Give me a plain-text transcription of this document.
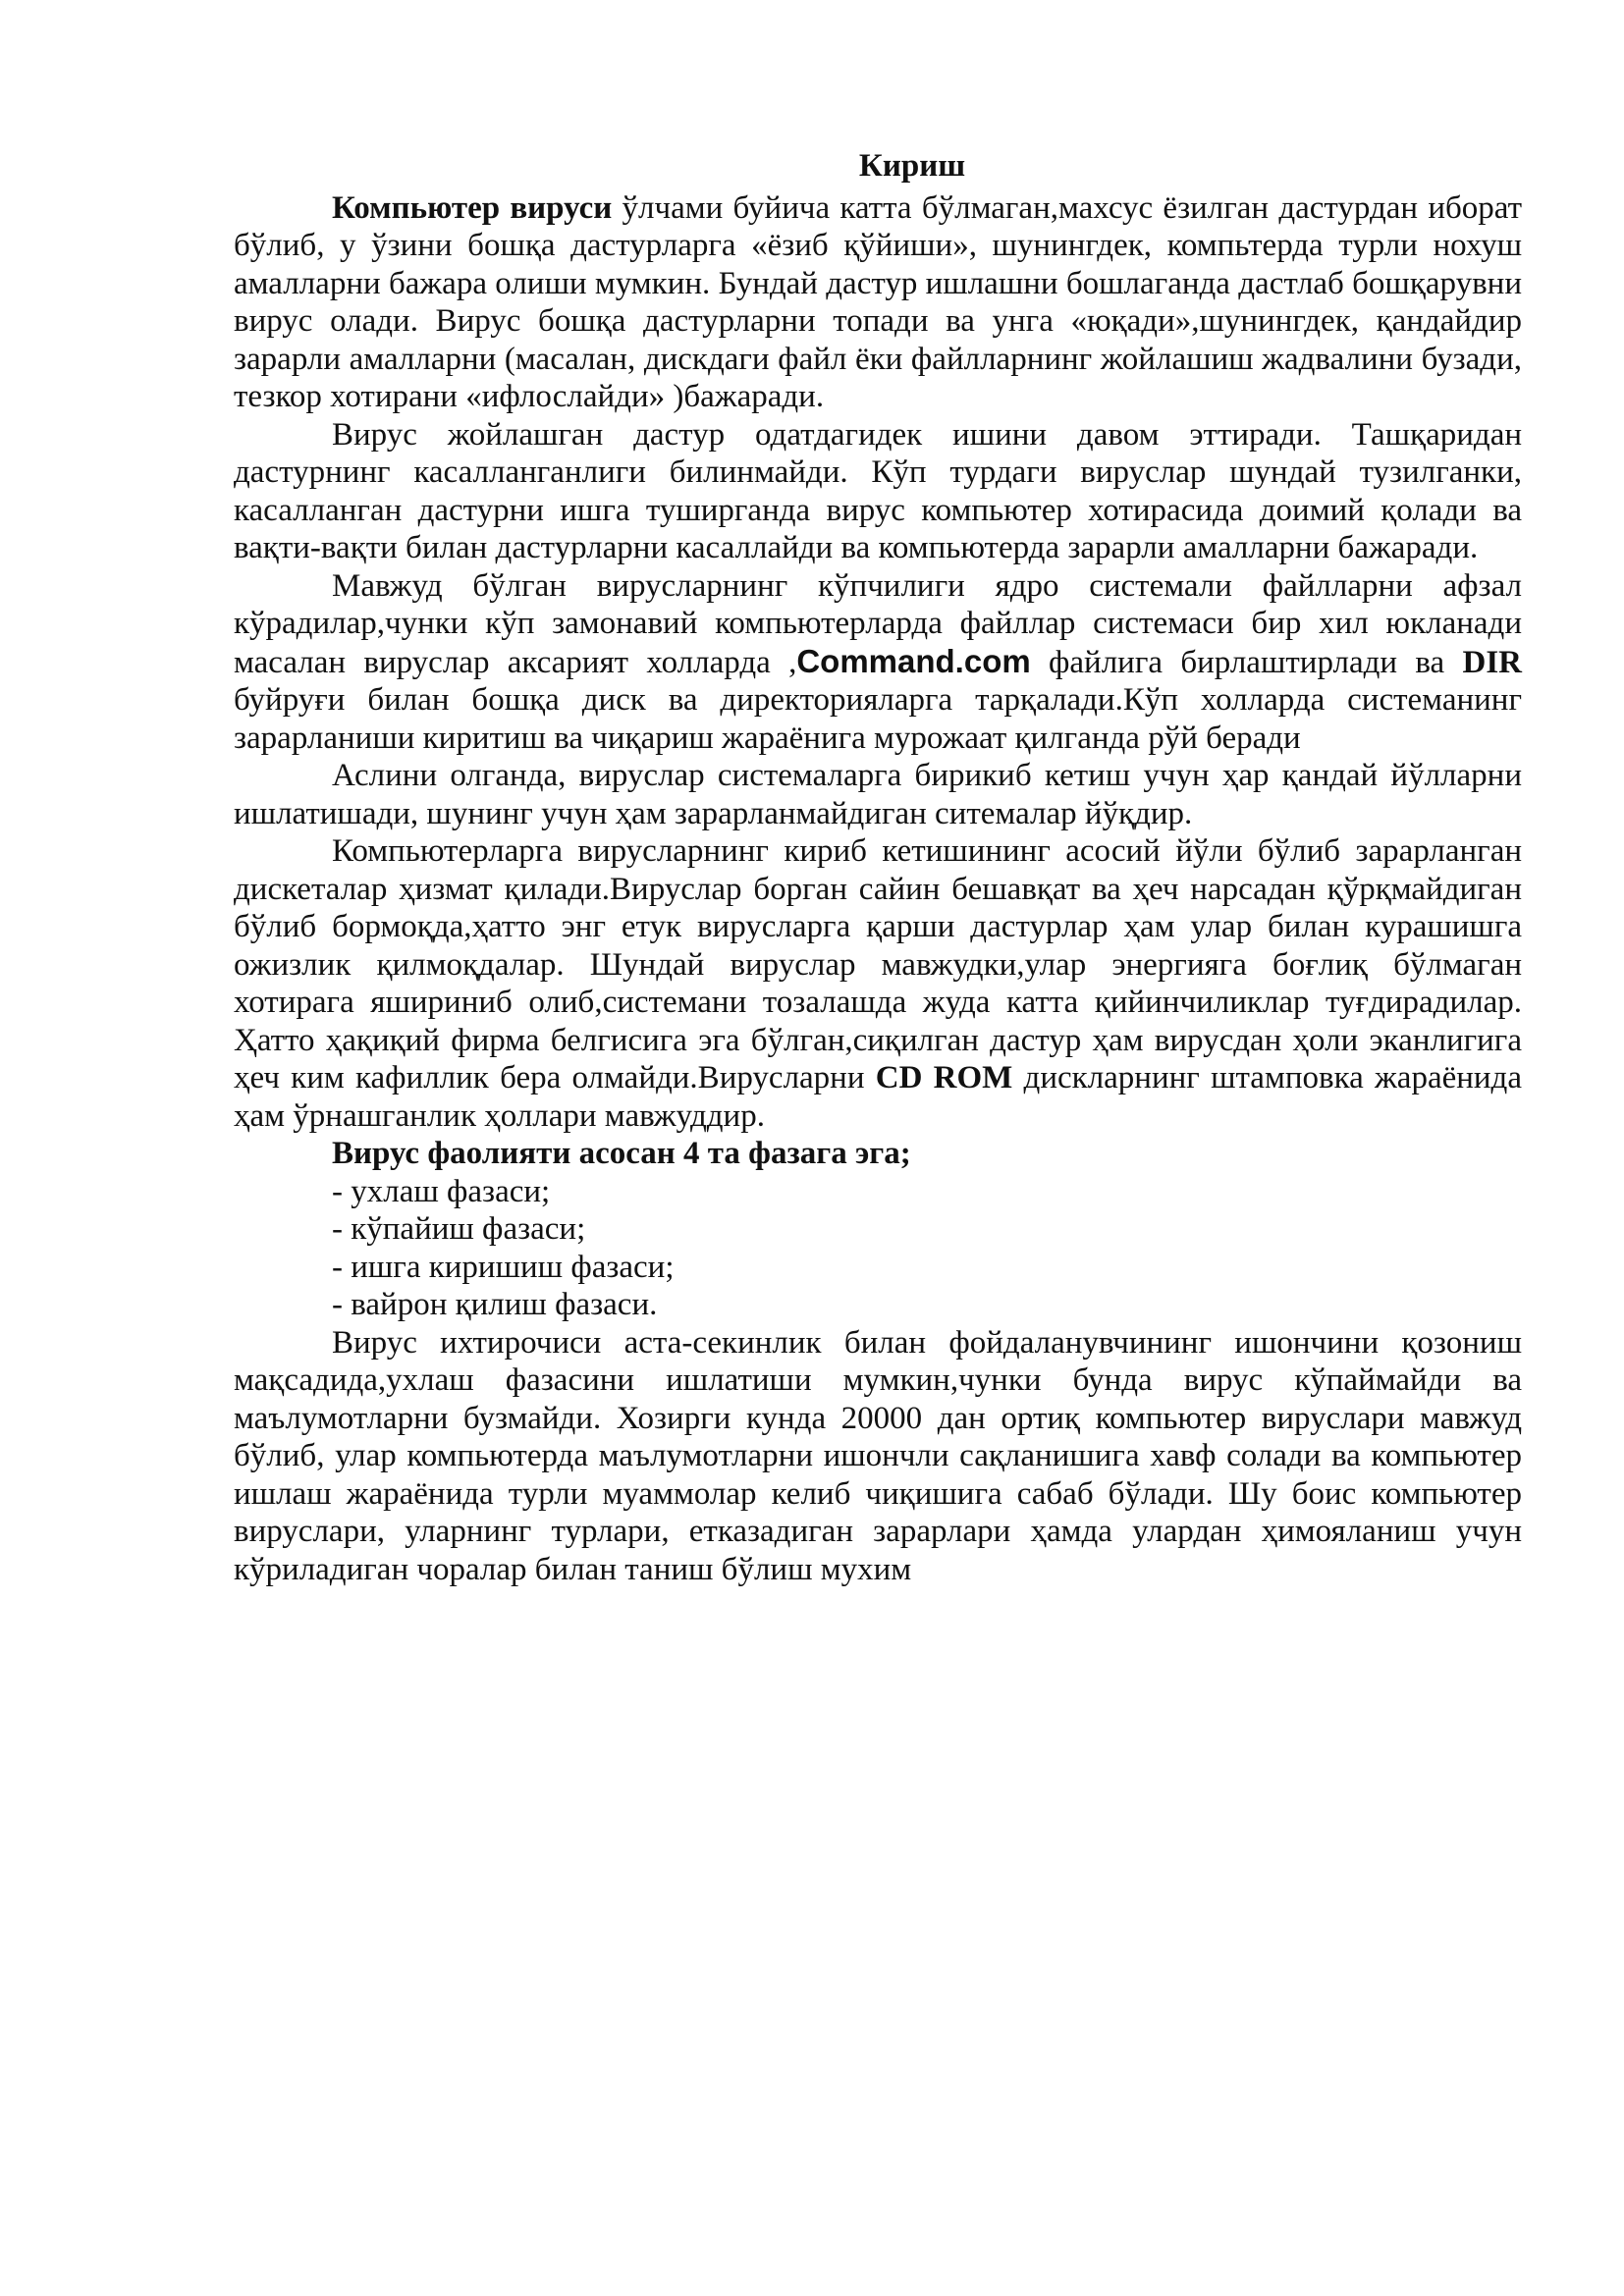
Кириш

Компьютер вируси ўлчами буйича катта бўлмаган,махсус ёзилган дастурдан иборат бўлиб, у ўзини бошқа дастурларга «ёзиб қўйиши», шунингдек, компьтерда турли нохуш амалларни бажара олиши мумкин. Бундай дастур ишлашни бошлаганда дастлаб бошқарувни вирус олади. Вирус бошқа дастурларни топади ва унга «юқади»,шунингдек, қандайдир зарарли амалларни (масалан, дискдаги файл ёки файлларнинг жойлашиш жадвалини бузади, тезкор хотирани «ифлослайди» )бажаради.

Вирус жойлашган дастур одатдагидек ишини давом эттиради. Ташқаридан дастурнинг касалланганлиги билинмайди. Кўп турдаги вируслар шундай тузилганки, касалланган дастурни ишга туширганда вирус компьютер хотирасида доимий қолади ва вақти-вақти билан дастурларни касаллайди ва компьютерда зарарли амалларни бажаради.

Мавжуд бўлган вирусларнинг кўпчилиги ядро системали файлларни афзал кўрадилар,чунки кўп замонавий компьютерларда файллар системаси бир хил юкланади масалан вируслар аксарият холларда ,Command.com файлига бирлаштирлади ва DIR буйруғи билан бошқа диск ва директорияларга тарқалади.Кўп холларда системанинг зарарланиши киритиш ва чиқариш жараёнига мурожаат қилганда рўй беради

Аслини олганда, вируслар системаларга бирикиб кетиш учун ҳар қандай йўлларни ишлатишади, шунинг учун ҳам зарарланмайдиган ситемалар йўқдир.

Компьютерларга вирусларнинг кириб кетишининг асосий йўли бўлиб зарарланган дискеталар ҳизмат қилади.Вируслар борган сайин бешавқат ва ҳеч нарсадан қўрқмайдиган бўлиб бормоқда,ҳатто энг етук вирусларга қарши дастурлар ҳам улар билан курашишга ожизлик қилмоқдалар. Шундай вируслар мавжудки,улар энергияга боғлиқ бўлмаган хотирага яшириниб олиб,системани тозалашда жуда катта қийинчиликлар туғдирадилар. Ҳатто ҳақиқий фирма белгисига эга бўлган,сиқилган дастур ҳам вирусдан ҳоли эканлигига ҳеч ким кафиллик бера олмайди.Вирусларни CD ROM дискларнинг штамповка жараёнида ҳам ўрнашганлик ҳоллари мавжуддир.

Вирус фаолияти асосан 4 та фазага эга;

- ухлаш фазаси;
- кўпайиш фазаси;
- ишга киришиш фазаси;
- вайрон қилиш фазаси.

Вирус ихтирочиси аста-секинлик билан фойдаланувчининг ишончини қозониш мақсадида,ухлаш фазасини ишлатиши мумкин,чунки бунда вирус кўпаймайди ва маълумотларни бузмайди. Хозирги кунда 20000 дан ортиқ компьютер вируслари мавжуд бўлиб, улар компьютерда маълумотларни ишончли сақланишига хавф солади ва компьютер ишлаш жараёнида турли муаммолар келиб чиқишига сабаб бўлади. Шу боис компьютер вируслари, уларнинг турлари, етказадиган зарарлари ҳамда улардан ҳимояланиш учун кўриладиган чоралар билан таниш бўлиш мухим
